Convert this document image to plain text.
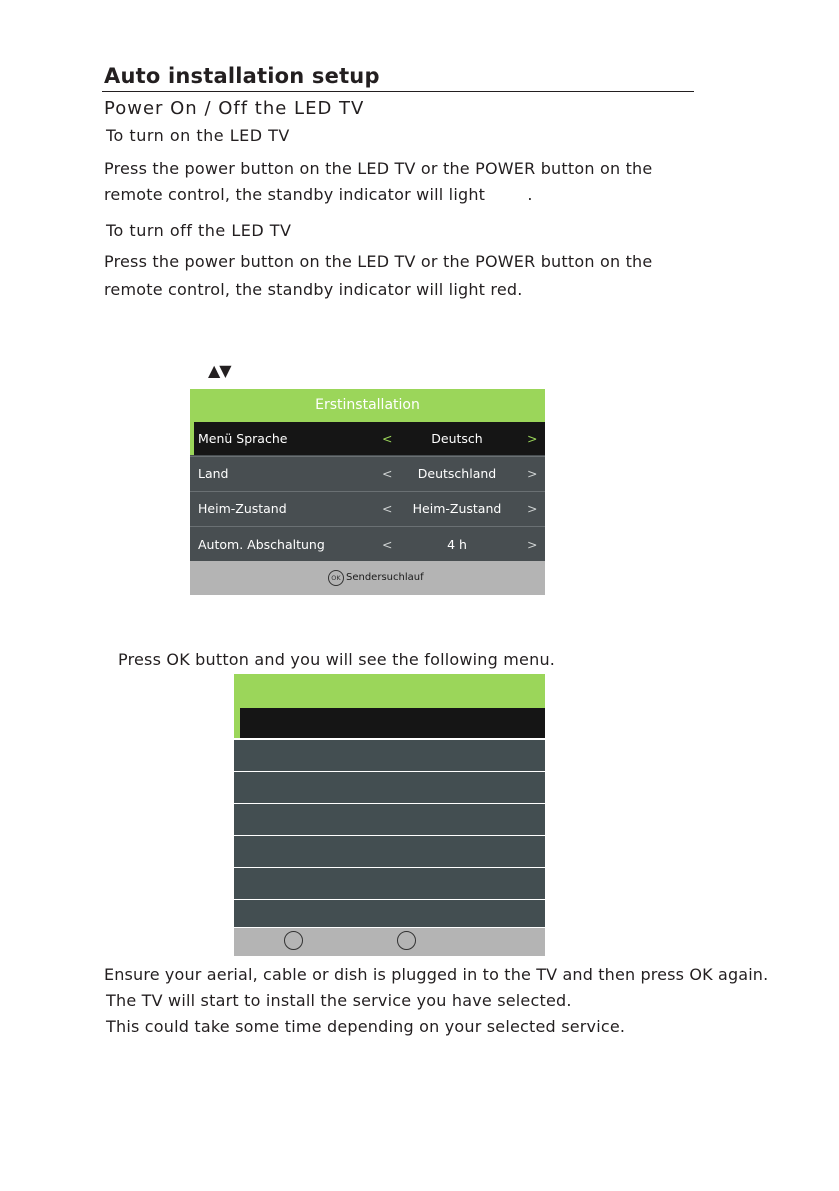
Auto installation setup
Power On / Off the LED TV
To turn on the LED TV
Press the power button on the LED TV or the POWER button on the
remote control, the standby indicator will light        .
To turn off the LED TV
Press the power button on the LED TV or the POWER button on the
remote control, the standby indicator will light red.
▲▼
Erstinstallation
Menü Sprache	<	Deutsch	>
Land	<	Deutschland	>
Heim-Zustand	<	Heim-Zustand	>
Autom. Abschaltung	<	4 h	>
OK Sendersuchlauf
Press OK button and you will see the following menu.
Ensure your aerial, cable or dish is plugged in to the TV and then press OK again.
The TV will start to install the service you have selected.
This could take some time depending on your selected service.
